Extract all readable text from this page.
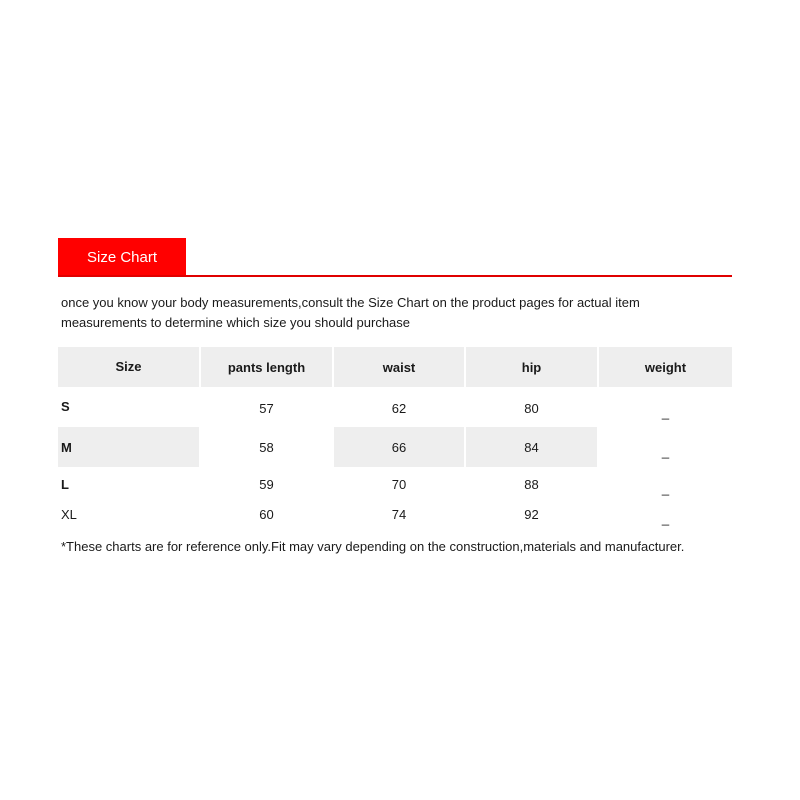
Size Chart
once you know your body measurements,consult the Size Chart on the product pages for actual item
measurements to determine which size you should purchase
Size	pants length	waist	hip	weight
S	57	62	80	_
M	58	66	84	_
L	59	70	88	_
XL	60	74	92	_
*These charts are for reference only.Fit may vary depending on the construction,materials and manufacturer.
